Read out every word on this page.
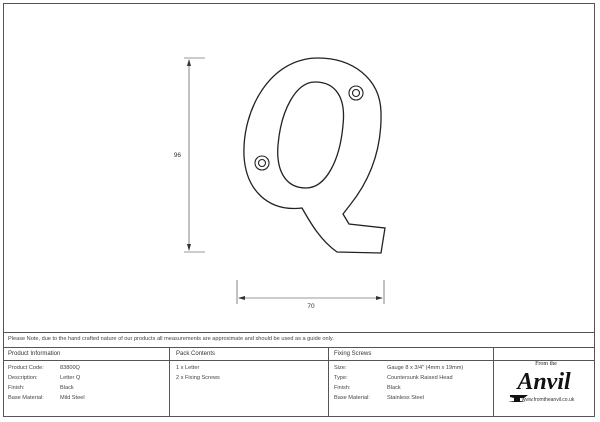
96
70
Please Note, due to the hand crafted nature of our products all measurements are approximate and should be used as a guide only.
Product Information
Product Code:	83800Q
Description:	Letter Q
Finish:	Black
Base Material:	Mild Steel
Pack Contents
1 x Letter
2 x Fixing Screws
Fixing Screws
Size:	Gauge 8 x 3/4" (4mm x 19mm)
Type:	Countersunk Raised Head
Finish:	Black
Base Material:	Stainless Steel
From the
Anvil
www.fromtheanvil.co.uk
